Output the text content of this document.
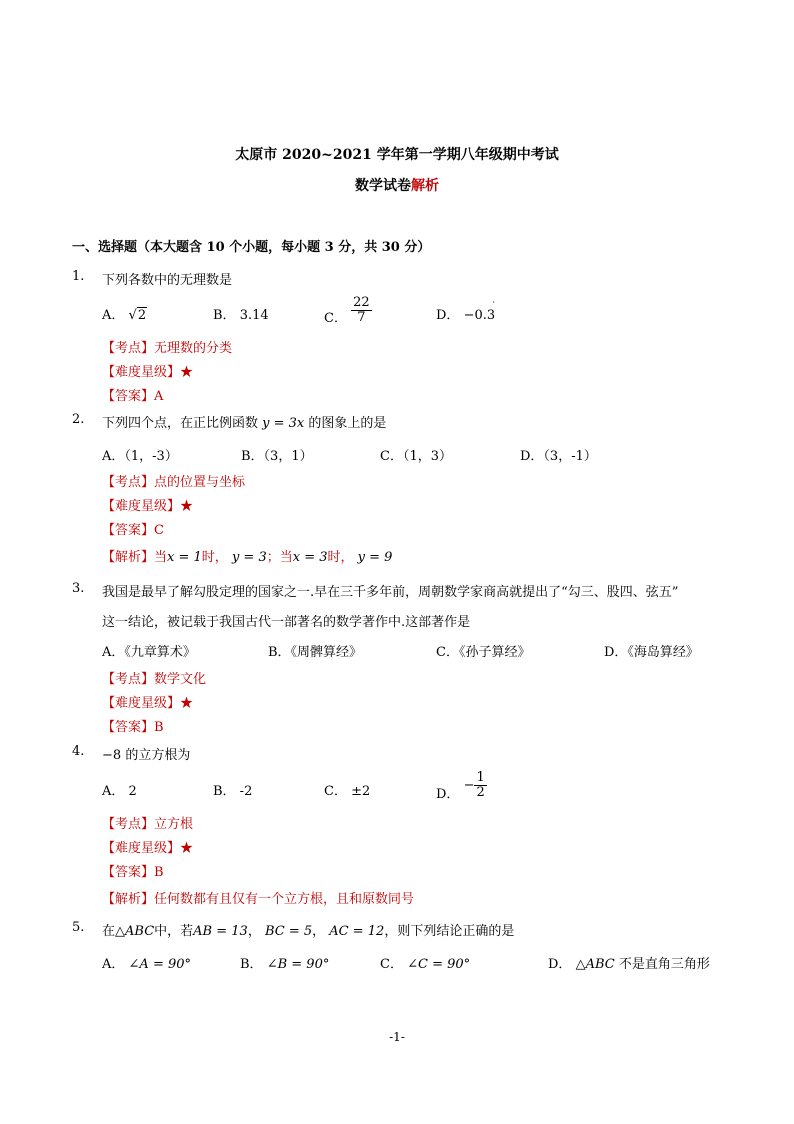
太原市 2020~2021 学年第一学期八年级期中考试
数学试卷解析
一、选择题（本大题含 10 个小题，每小题 3 分，共 30 分）
1. 下列各数中的无理数是
A． √2	B． 3.14	C． $\frac{22}{7}$	D． −0.3˙
【考点】无理数的分类
【难度星级】★
【答案】A
2. 下列四个点，在正比例函数 y = 3x 的图象上的是
A．（1，-3）	B．（3，1）	C．（1，3）	D．（3，-1）
【考点】点的位置与坐标
【难度星级】★
【答案】C
【解析】当x = 1时， y = 3；当x = 3时， y = 9
3. 我国是最早了解勾股定理的国家之一.早在三千多年前，周朝数学家商高就提出了“勾三、股四、弦五”
这一结论，被记载于我国古代一部著名的数学著作中.这部著作是
A．《九章算术》	B．《周髀算经》	C．《孙子算经》	D．《海岛算经》
【考点】数学文化
【难度星级】★
【答案】B
4. −8 的立方根为
A． 2	B． -2	C． ±2	D． − $\frac{1}{2}$
【考点】立方根
【难度星级】★
【答案】B
【解析】任何数都有且仅有一个立方根，且和原数同号
5. 在△ABC中，若AB = 13， BC = 5， AC = 12，则下列结论正确的是
A． ∠A = 90°	B． ∠B = 90°	C． ∠C = 90°	D． △ABC 不是直角三角形
-1-
